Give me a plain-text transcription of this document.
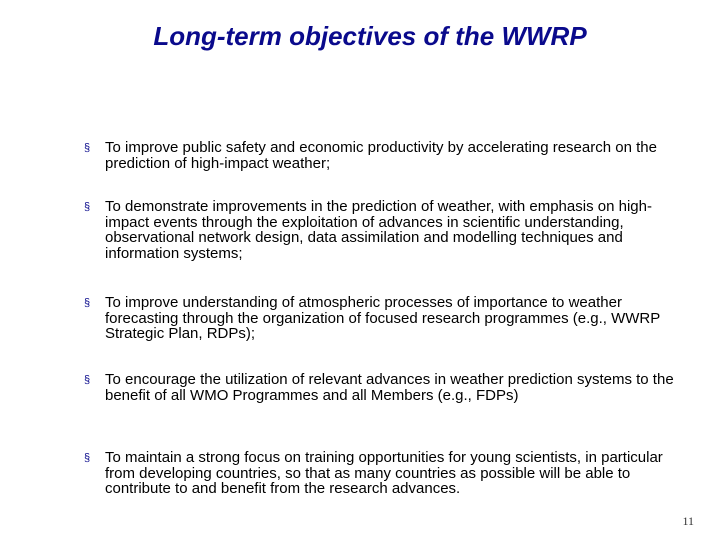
Long-term objectives of the WWRP
§ To improve public safety and economic productivity by accelerating research on the prediction of high-impact weather;
§ To demonstrate improvements in the prediction of weather, with emphasis on high-impact events through the exploitation of advances in scientific understanding, observational network design, data assimilation and modelling techniques and information systems;
§ To improve understanding of atmospheric processes of importance to weather forecasting through the organization of focused research programmes (e.g., WWRP Strategic Plan, RDPs);
§ To encourage the utilization of relevant advances in weather prediction systems to the benefit of all WMO Programmes and all Members (e.g., FDPs)
§ To maintain a strong focus on training opportunities for young scientists, in particular from developing countries, so that as many countries as possible will be able to contribute to and benefit from the research advances.
11
